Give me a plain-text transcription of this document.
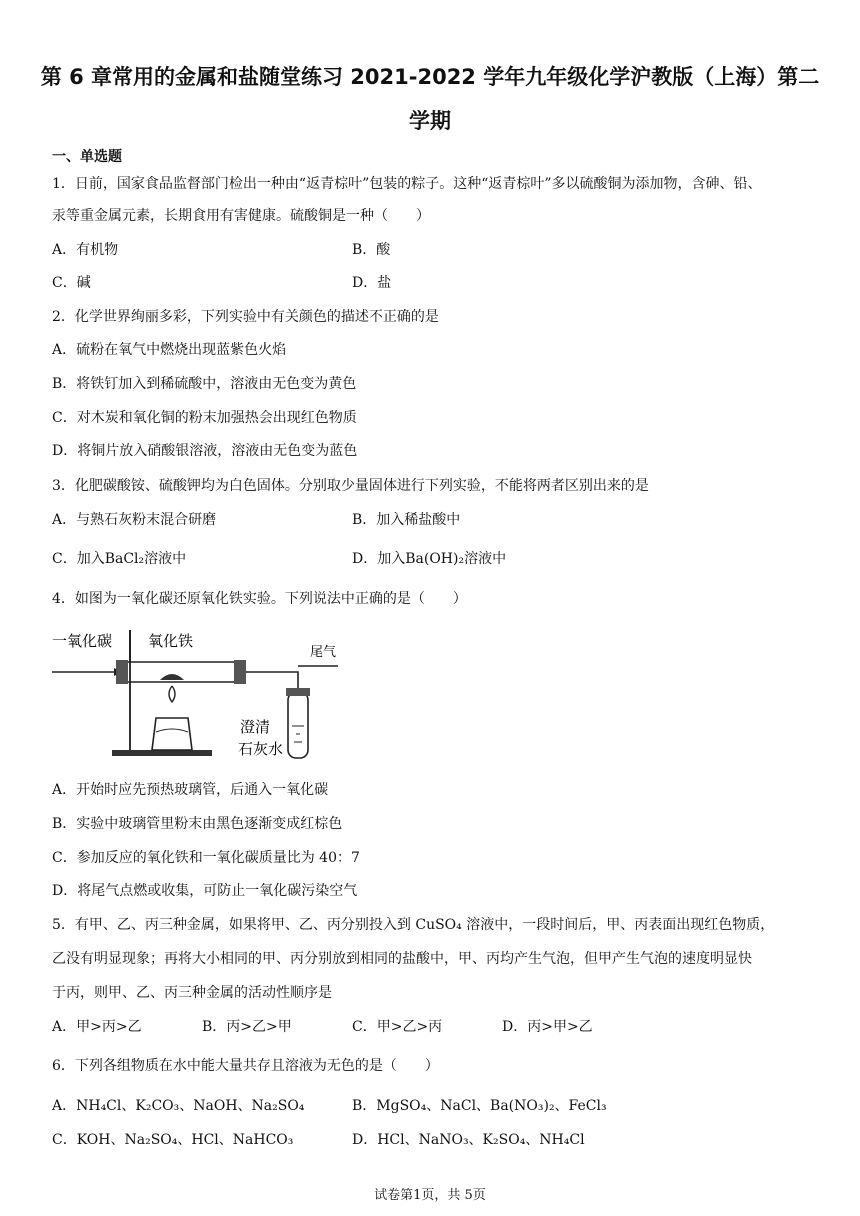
第 6 章常用的金属和盐随堂练习 2021-2022 学年九年级化学沪教版（上海）第二
学期
一、单选题
1．日前，国家食品监督部门检出一种由“返青棕叶”包装的粽子。这种“返青棕叶”多以硫酸铜为添加物，含砷、铅、
汞等重金属元素，长期食用有害健康。硫酸铜是一种（　　）
A．有机物	B．酸
C．碱	D．盐
2．化学世界绚丽多彩，下列实验中有关颜色的描述不正确的是
A．硫粉在氧气中燃烧出现蓝紫色火焰
B．将铁钉加入到稀硫酸中，溶液由无色变为黄色
C．对木炭和氧化铜的粉末加强热会出现红色物质
D．将铜片放入硝酸银溶液，溶液由无色变为蓝色
3．化肥碳酸铵、硫酸钾均为白色固体。分别取少量固体进行下列实验，不能将两者区别出来的是
A．与熟石灰粉末混合研磨	B．加入稀盐酸中
C．加入BaCl₂溶液中	D．加入Ba(OH)₂溶液中
4．如图为一氧化碳还原氧化铁实验。下列说法中正确的是（　　）
一氧化碳 氧化铁
尾气
澄清
石灰水
A．开始时应先预热玻璃管，后通入一氧化碳
B．实验中玻璃管里粉末由黑色逐渐变成红棕色
C．参加反应的氧化铁和一氧化碳质量比为 40：7
D．将尾气点燃或收集，可防止一氧化碳污染空气
5．有甲、乙、丙三种金属，如果将甲、乙、丙分别投入到 CuSO₄ 溶液中，一段时间后，甲、丙表面出现红色物质，
乙没有明显现象；再将大小相同的甲、丙分别放到相同的盐酸中，甲、丙均产生气泡，但甲产生气泡的速度明显快
于丙，则甲、乙、丙三种金属的活动性顺序是
A．甲>丙>乙	B．丙>乙>甲	C．甲>乙>丙	D．丙>甲>乙
6．下列各组物质在水中能大量共存且溶液为无色的是（　　）
A．NH₄Cl、K₂CO₃、NaOH、Na₂SO₄	B．MgSO₄、NaCl、Ba(NO₃)₂、FeCl₃
C．KOH、Na₂SO₄、HCl、NaHCO₃	D．HCl、NaNO₃、K₂SO₄、NH₄Cl
试卷第1页，共 5页
